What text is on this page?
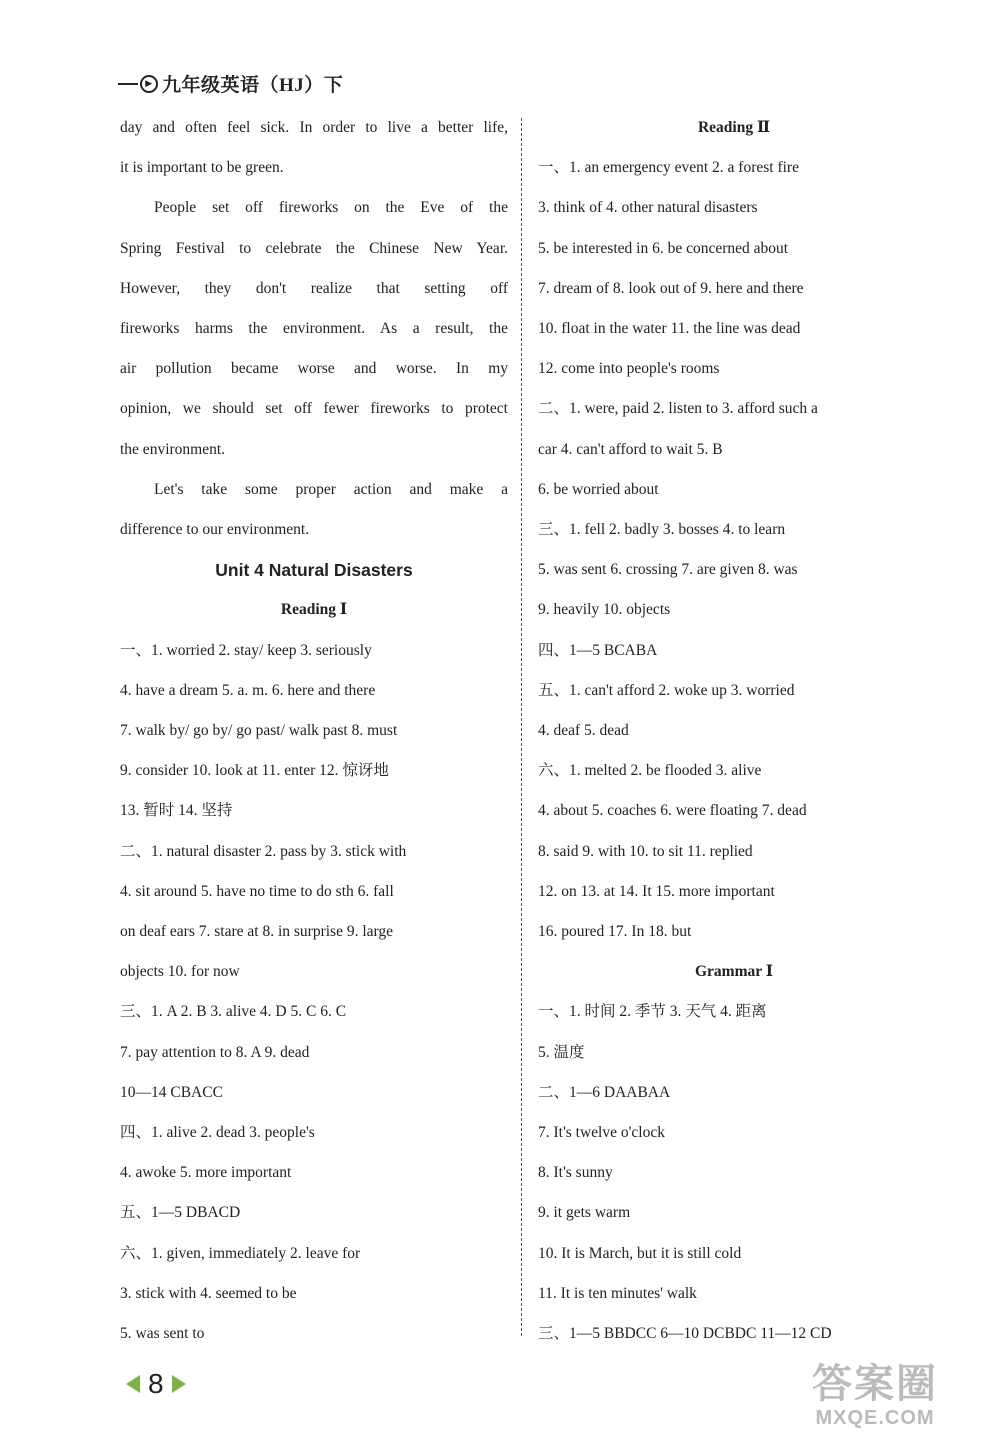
▶ 九年级英语（HJ）下
day and often feel sick. In order to live a better life,
it is important to be green.
People set off fireworks on the Eve of the
Spring Festival to celebrate the Chinese New Year.
However, they don't realize that setting off
fireworks harms the environment. As a result, the
air pollution became worse and worse. In my
opinion, we should set off fewer fireworks to protect
the environment.
Let's take some proper action and make a
difference to our environment.
Unit 4 Natural Disasters
Reading Ⅰ
一、1. worried 2. stay/ keep 3. seriously
4. have a dream 5. a. m. 6. here and there
7. walk by/ go by/ go past/ walk past 8. must
9. consider 10. look at 11. enter 12. 惊讶地
13. 暂时 14. 坚持
二、1. natural disaster 2. pass by 3. stick with
4. sit around 5. have no time to do sth 6. fall
on deaf ears 7. stare at 8. in surprise 9. large
objects 10. for now
三、1. A 2. B 3. alive 4. D 5. C 6. C
7. pay attention to 8. A 9. dead
10—14 CBACC
四、1. alive 2. dead 3. people's
4. awoke 5. more important
五、1—5 DBACD
六、1. given, immediately 2. leave for
3. stick with 4. seemed to be
5. was sent to
Reading Ⅱ
一、1. an emergency event 2. a forest fire
3. think of 4. other natural disasters
5. be interested in 6. be concerned about
7. dream of 8. look out of 9. here and there
10. float in the water 11. the line was dead
12. come into people's rooms
二、1. were, paid 2. listen to 3. afford such a
car 4. can't afford to wait 5. B
6. be worried about
三、1. fell 2. badly 3. bosses 4. to learn
5. was sent 6. crossing 7. are given 8. was
9. heavily 10. objects
四、1—5 BCABA
五、1. can't afford 2. woke up 3. worried
4. deaf 5. dead
六、1. melted 2. be flooded 3. alive
4. about 5. coaches 6. were floating 7. dead
8. said 9. with 10. to sit 11. replied
12. on 13. at 14. It 15. more important
16. poured 17. In 18. but
Grammar Ⅰ
一、1. 时间 2. 季节 3. 天气 4. 距离
5. 温度
二、1—6 DAABAA
7. It's twelve o'clock
8. It's sunny
9. it gets warm
10. It is March, but it is still cold
11. It is ten minutes' walk
三、1—5 BBDCC 6—10 DCBDC 11—12 CD
8	答案圈
MXQE.COM
